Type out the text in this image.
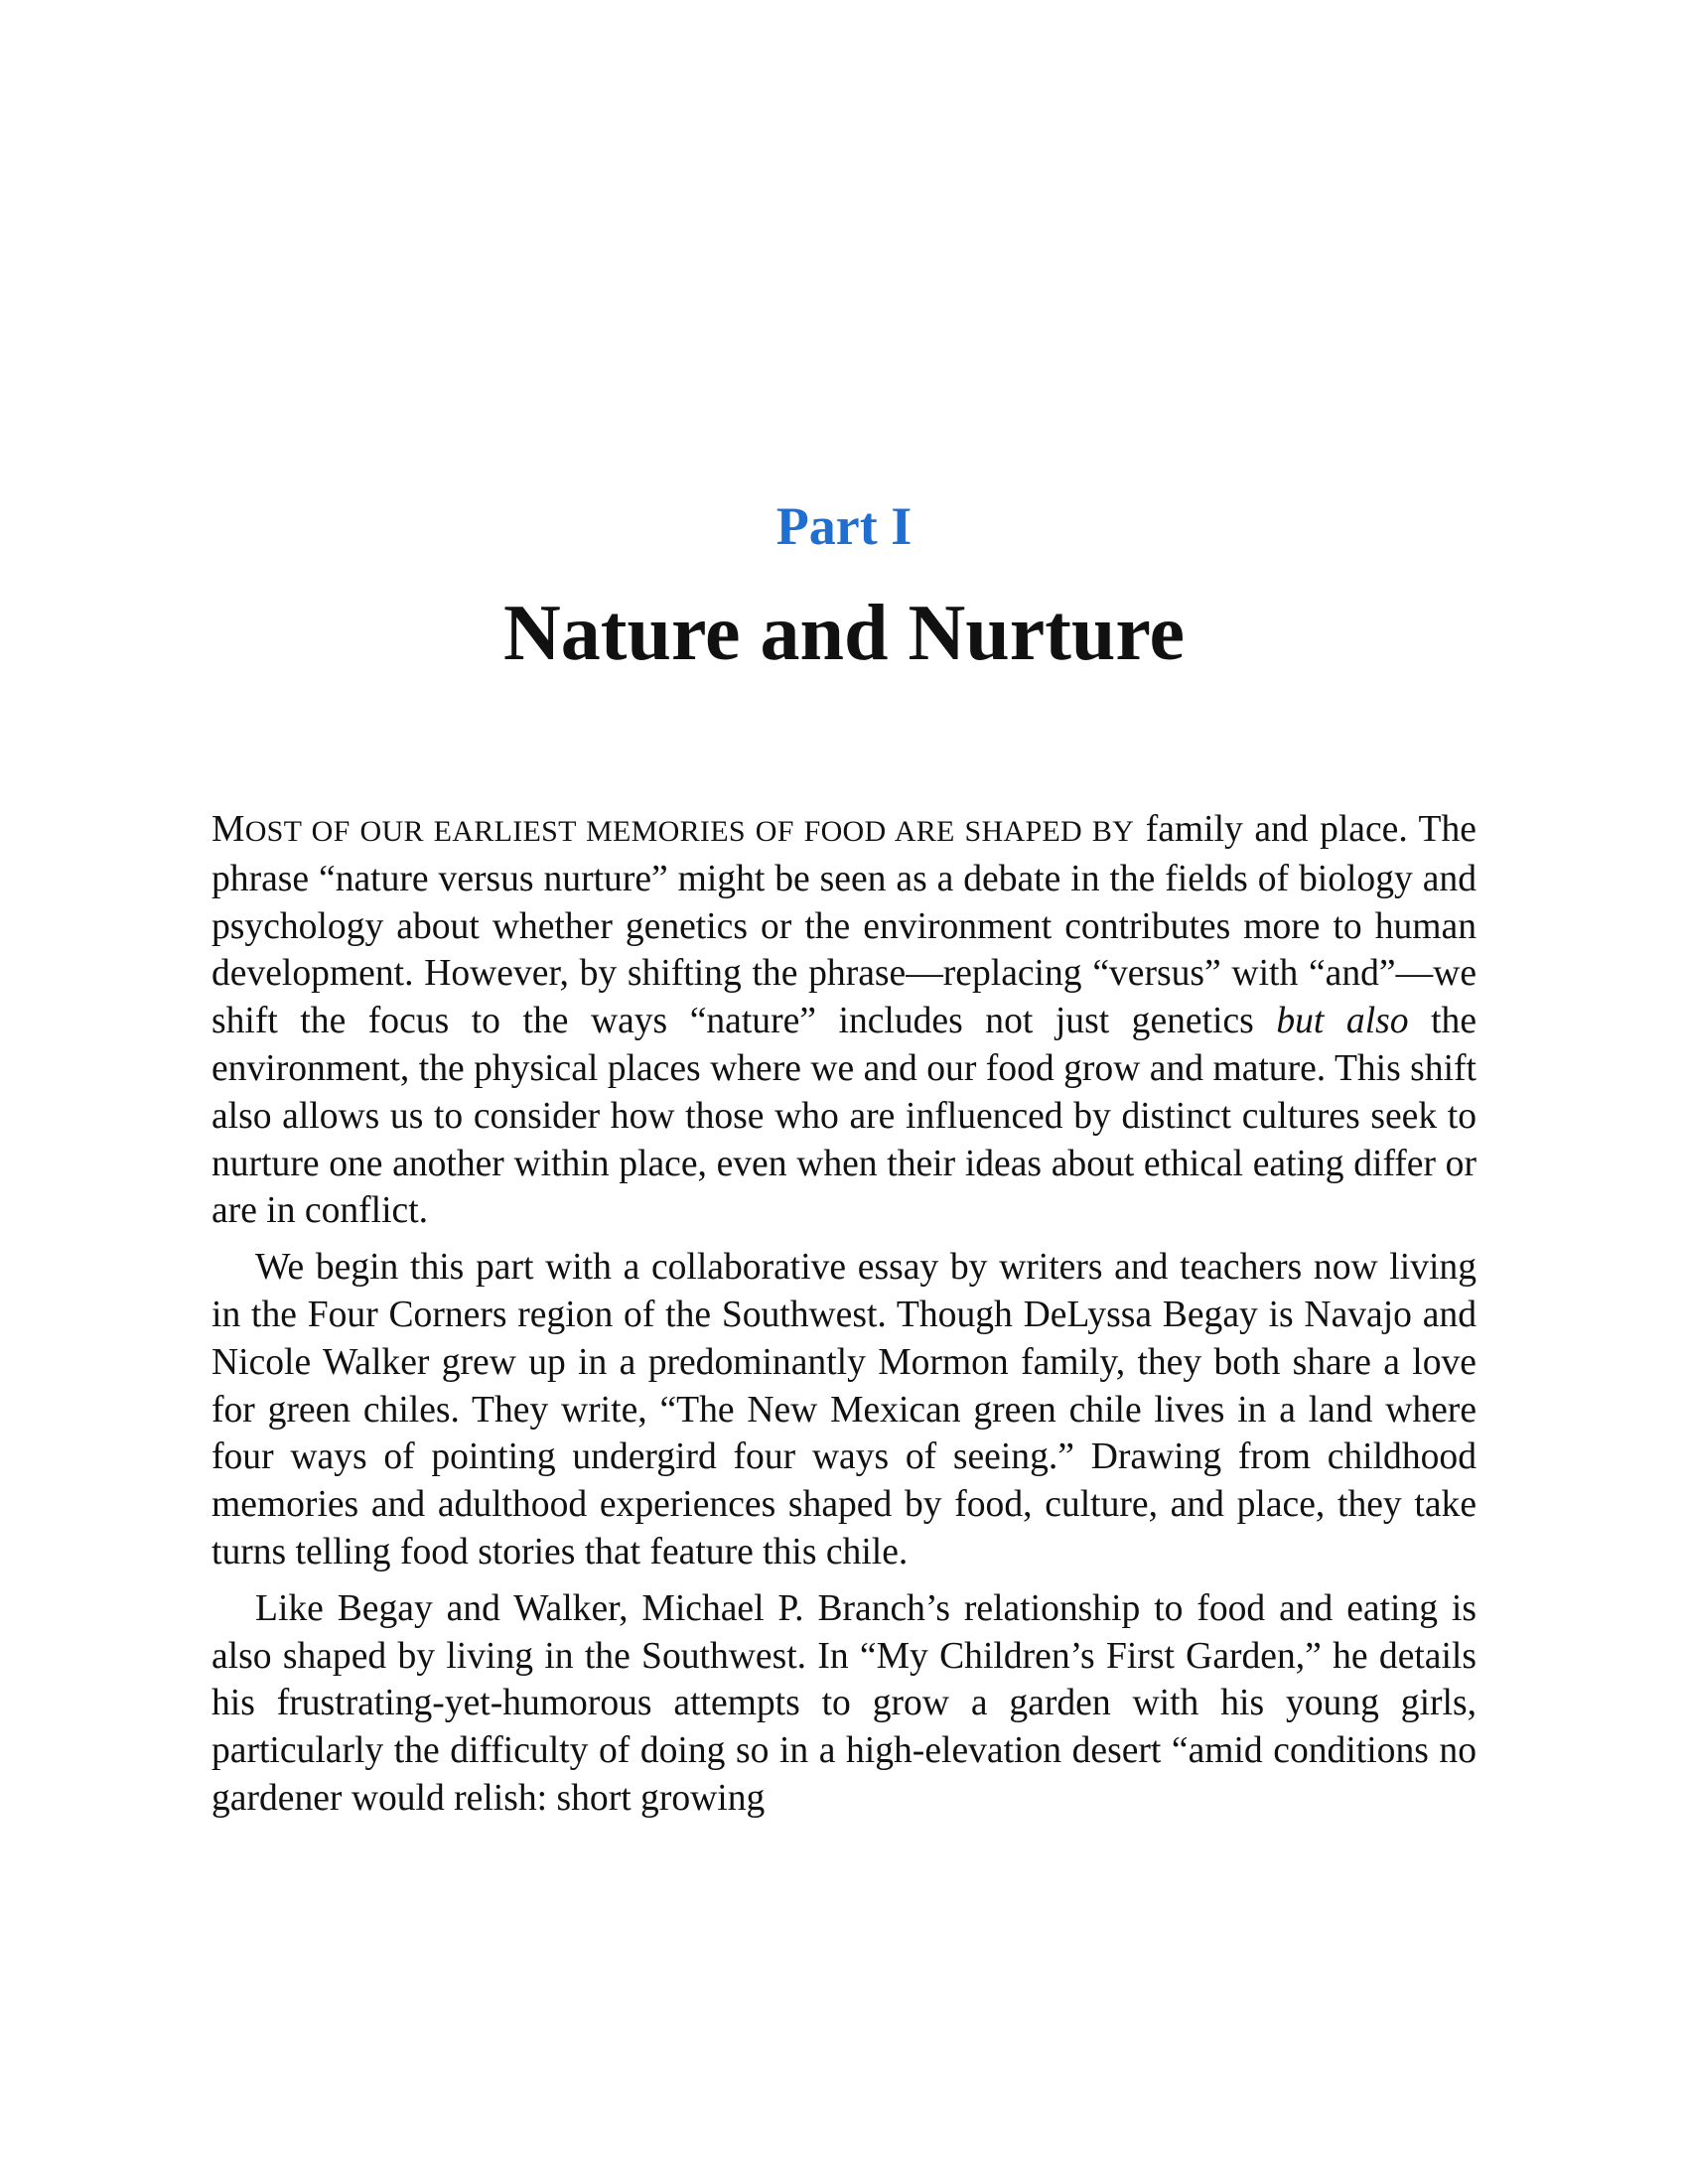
Part I
Nature and Nurture

MOST OF OUR EARLIEST MEMORIES OF FOOD ARE SHAPED BY family and place. The phrase “nature versus nurture” might be seen as a debate in the fields of biology and psychology about whether genetics or the environment contributes more to human development. However, by shifting the phrase—replacing “versus” with “and”—we shift the focus to the ways “nature” includes not just genetics but also the environment, the physical places where we and our food grow and mature. This shift also allows us to consider how those who are influenced by distinct cultures seek to nurture one another within place, even when their ideas about ethical eating differ or are in conflict.

We begin this part with a collaborative essay by writers and teachers now living in the Four Corners region of the Southwest. Though DeLyssa Begay is Navajo and Nicole Walker grew up in a predominantly Mormon family, they both share a love for green chiles. They write, “The New Mexican green chile lives in a land where four ways of pointing undergird four ways of seeing.” Drawing from childhood memories and adulthood experiences shaped by food, culture, and place, they take turns telling food stories that feature this chile.

Like Begay and Walker, Michael P. Branch’s relationship to food and eating is also shaped by living in the Southwest. In “My Children’s First Garden,” he details his frustrating-yet-humorous attempts to grow a garden with his young girls, particularly the difficulty of doing so in a high-elevation desert “amid conditions no gardener would relish: short growing
